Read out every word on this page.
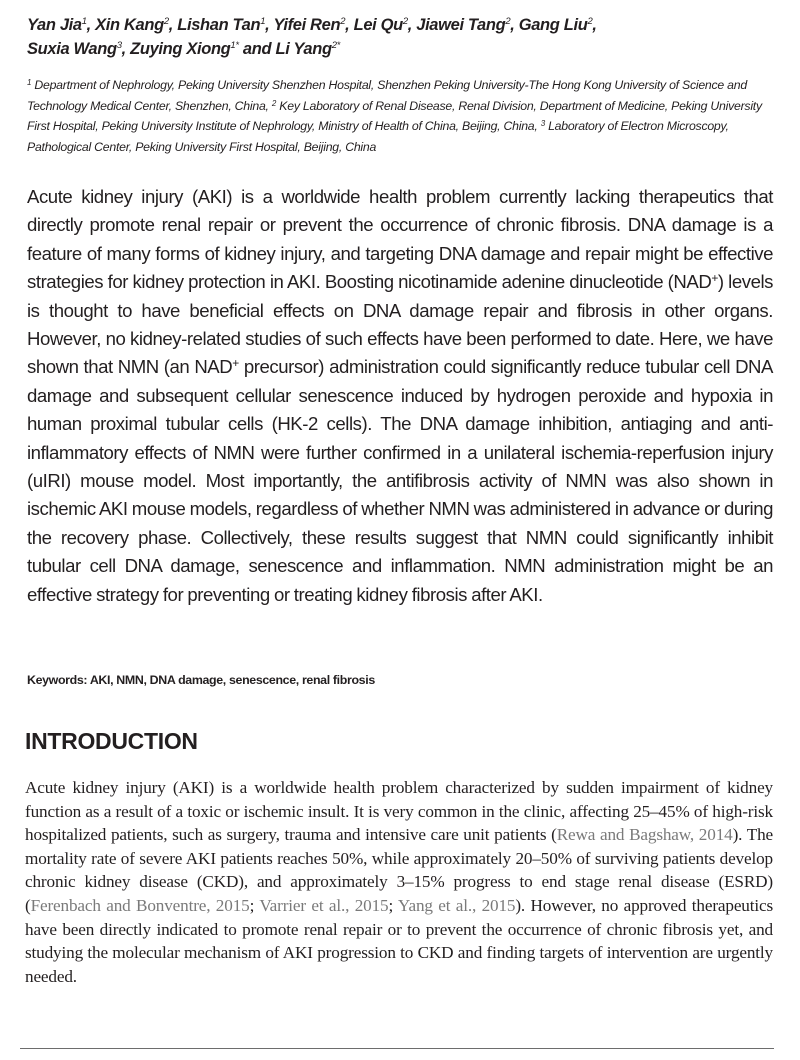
Yan Jia$^1$, Xin Kang$^2$, Lishan Tan$^1$, Yifei Ren$^2$, Lei Qu$^2$, Jiawei Tang$^2$, Gang Liu$^2$,
Suxia Wang$^3$, Zuying Xiong$^{1*}$ and Li Yang$^{2*}$
$^1$ Department of Nephrology, Peking University Shenzhen Hospital, Shenzhen Peking University-The Hong Kong University of Science and Technology Medical Center, Shenzhen, China, $^2$ Key Laboratory of Renal Disease, Renal Division, Department of Medicine, Peking University First Hospital, Peking University Institute of Nephrology, Ministry of Health of China, Beijing, China, $^3$ Laboratory of Electron Microscopy, Pathological Center, Peking University First Hospital, Beijing, China
Acute kidney injury (AKI) is a worldwide health problem currently lacking therapeutics that directly promote renal repair or prevent the occurrence of chronic fibrosis. DNA damage is a feature of many forms of kidney injury, and targeting DNA damage and repair might be effective strategies for kidney protection in AKI. Boosting nicotinamide adenine dinucleotide (NAD+) levels is thought to have beneficial effects on DNA damage repair and fibrosis in other organs. However, no kidney-related studies of such effects have been performed to date. Here, we have shown that NMN (an NAD+ precursor) administration could significantly reduce tubular cell DNA damage and subsequent cellular senescence induced by hydrogen peroxide and hypoxia in human proximal tubular cells (HK-2 cells). The DNA damage inhibition, antiaging and anti-inflammatory effects of NMN were further confirmed in a unilateral ischemia-reperfusion injury (uIRI) mouse model. Most importantly, the antifibrosis activity of NMN was also shown in ischemic AKI mouse models, regardless of whether NMN was administered in advance or during the recovery phase. Collectively, these results suggest that NMN could significantly inhibit tubular cell DNA damage, senescence and inflammation. NMN administration might be an effective strategy for preventing or treating kidney fibrosis after AKI.
Keywords: AKI, NMN, DNA damage, senescence, renal fibrosis
INTRODUCTION
Acute kidney injury (AKI) is a worldwide health problem characterized by sudden impairment of kidney function as a result of a toxic or ischemic insult. It is very common in the clinic, affecting 25–45% of high-risk hospitalized patients, such as surgery, trauma and intensive care unit patients (Rewa and Bagshaw, 2014). The mortality rate of severe AKI patients reaches 50%, while approximately 20–50% of surviving patients develop chronic kidney disease (CKD), and approximately 3–15% progress to end stage renal disease (ESRD) (Ferenbach and Bonventre, 2015; Varrier et al., 2015; Yang et al., 2015). However, no approved therapeutics have been directly indicated to promote renal repair or to prevent the occurrence of chronic fibrosis yet, and studying the molecular mechanism of AKI progression to CKD and finding targets of intervention are urgently needed.
